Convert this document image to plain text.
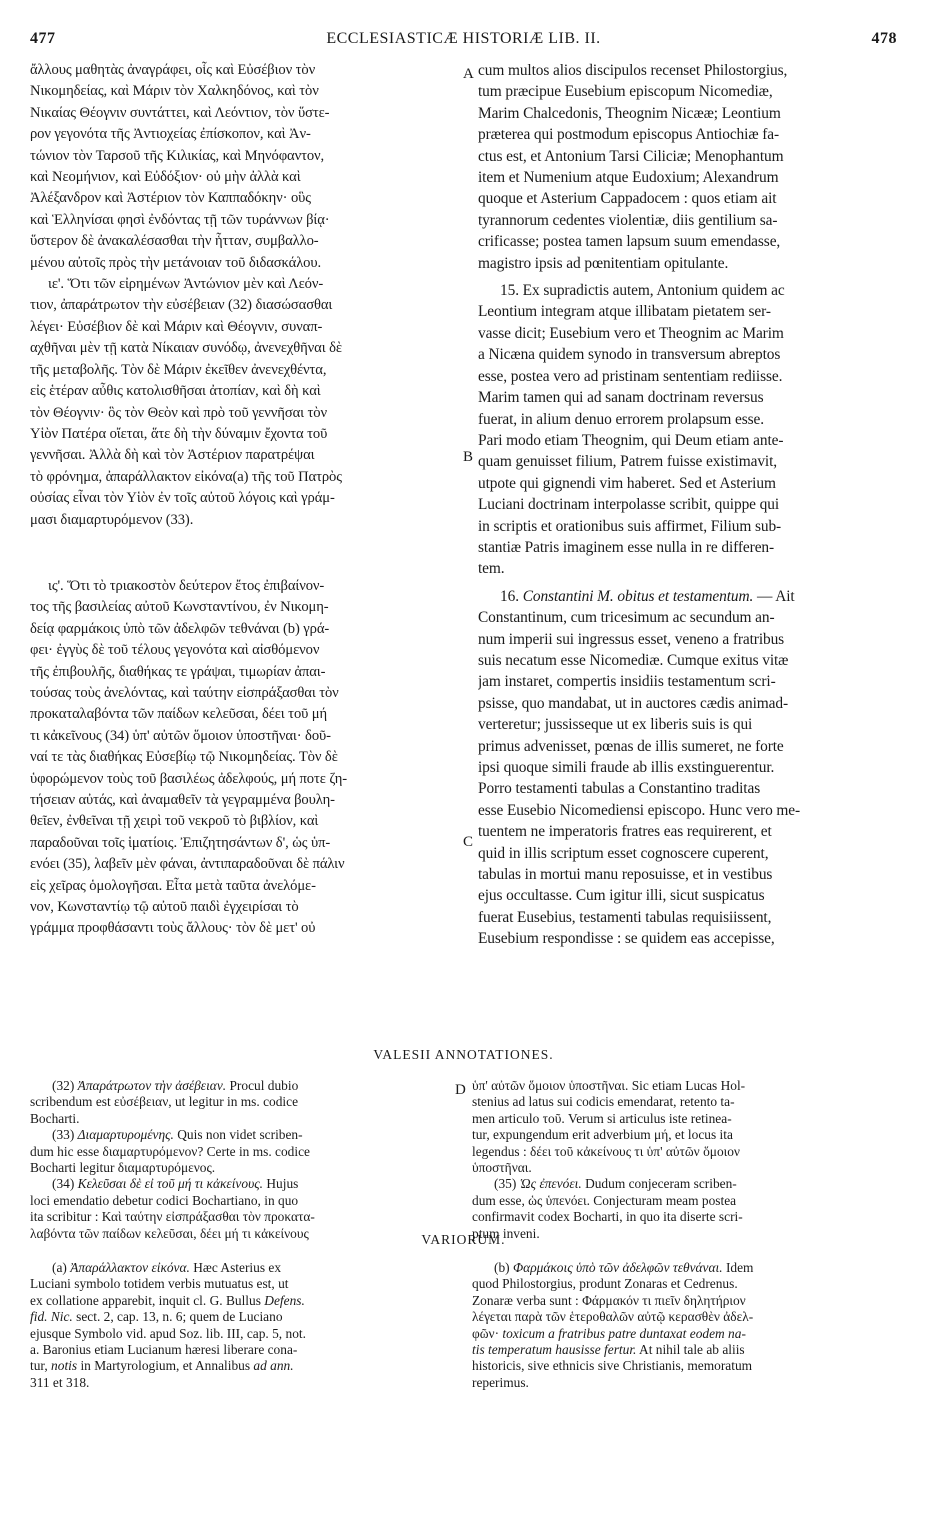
477	ECCLESIASTICÆ HISTORIÆ LIB. II.	478
ἄλλους μαθητὰς ἀναγράφει, οἷς καὶ Εὐσέβιον τὸν
Νικομηδείας, καὶ Μάριν τὸν Χαλκηδόνος, καὶ τὸν
Νικαίας Θέογνιν συντάττει, καὶ Λεόντιον, τὸν ὕστε-
ρον γεγονότα τῆς Ἀντιοχείας ἐπίσκοπον, καὶ Ἀν-
τώνιον τὸν Ταρσοῦ τῆς Κιλικίας, καὶ Μηνόφαντον,
καὶ Νεομήνιον, καὶ Εὐδόξιον· οὐ μὴν ἀλλὰ καὶ
Ἀλέξανδρον καὶ Ἀστέριον τὸν Καππαδόκην· οὓς
καὶ Ἑλληνίσαι φησὶ ἐνδόντας τῇ τῶν τυράννων βίᾳ·
ὕστερον δὲ ἀνακαλέσασθαι τὴν ἧτταν, συμβαλλο-
μένου αὐτοῖς πρὸς τὴν μετάνοιαν τοῦ διδασκάλου.
ιε'. Ὅτι τῶν εἰρημένων Ἀντώνιον μὲν καὶ Λεόν-
τιον, ἀπαράτρωτον τὴν εὐσέβειαν (32) διασώσασθαι
λέγει· Εὐσέβιον δὲ καὶ Μάριν καὶ Θέογνιν, συναπ-
αχθῆναι μὲν τῇ κατὰ Νίκαιαν συνόδῳ, ἀνενεχθῆναι δὲ
τῆς μεταβολῆς. Τὸν δὲ Μάριν ἐκεῖθεν ἀνενεχθέντα,
εἰς ἑτέραν αὖθις κατολισθῆσαι ἀτοπίαν, καὶ δὴ καὶ
τὸν Θέογνιν· ὃς τὸν Θεὸν καὶ πρὸ τοῦ γεννῆσαι τὸν
Υἱὸν Πατέρα οἴεται, ἅτε δὴ τὴν δύναμιν ἔχοντα τοῦ
γεννῆσαι. Ἀλλὰ δὴ καὶ τὸν Ἀστέριον παρατρέψαι
τὸ φρόνημα, ἀπαράλλακτον εἰκόνα(a) τῆς τοῦ Πατρὸς
οὐσίας εἶναι τὸν Υἱὸν ἐν τοῖς αὐτοῦ λόγοις καὶ γράμ-
μασι διαμαρτυρόμενον (33).
ις'. Ὅτι τὸ τριακοστὸν δεύτερον ἔτος ἐπιβαίνον-
τος τῆς βασιλείας αὐτοῦ Κωνσταντίνου, ἐν Νικομη-
δείᾳ φαρμάκοις ὑπὸ τῶν ἀδελφῶν τεθνάναι (b) γρά-
φει· ἐγγὺς δὲ τοῦ τέλους γεγονότα καὶ αἰσθόμενον
τῆς ἐπιβουλῆς, διαθήκας τε γράψαι, τιμωρίαν ἀπαι-
τούσας τοὺς ἀνελόντας, καὶ ταύτην εἰσπράξασθαι τὸν
προκαταλαβόντα τῶν παίδων κελεῦσαι, δέει τοῦ μή
τι κἀκεῖνους (34) ὑπ' αὐτῶν ὅμοιον ὑποστῆναι· δοῦ-
ναί τε τὰς διαθήκας Εὐσεβίῳ τῷ Νικομηδείας. Τὸν δὲ
ὑφορώμενον τοὺς τοῦ βασιλέως ἀδελφούς, μή ποτε ζη-
τήσειαν αὐτάς, καὶ ἀναμαθεῖν τὰ γεγραμμένα βουλη-
θεῖεν, ἐνθεῖναι τῇ χειρὶ τοῦ νεκροῦ τὸ βιβλίον, καὶ
παραδοῦναι τοῖς ἱματίοις. Ἐπιζητησάντων δ', ὡς ὑπ-
ενόει (35), λαβεῖν μὲν φάναι, ἀντιπαραδοῦναι δὲ πάλιν
εἰς χεῖρας ὁμολογῆσαι. Εἶτα μετὰ ταῦτα ἀνελόμε-
νον, Κωνσταντίῳ τῷ αὐτοῦ παιδὶ ἐγχειρίσαι τὸ
γράμμα προφθάσαντι τοὺς ἄλλους· τὸν δὲ μετ' οὐ
cum multos alios discipulos recenset Philostorgius,
tum præcipue Eusebium episcopum Nicomediæ,
Marim Chalcedonis, Theognim Nicææ; Leontium
præterea qui postmodum episcopus Antiochiæ fa-
ctus est, et Antonium Tarsi Ciliciæ; Menophantum
item et Numenium atque Eudoxium; Alexandrum
quoque et Asterium Cappadocem : quos etiam ait
tyrannorum cedentes violentiæ, diis gentilium sa-
crificasse; postea tamen lapsum suum emendasse,
magistro ipsis ad pœnitentiam opitulante.
15. Ex supradictis autem, Antonium quidem ac
Leontium integram atque illibatam pietatem ser-
vasse dicit; Eusebium vero et Theognim ac Marim
a Nicæna quidem synodo in transversum abreptos
esse, postea vero ad pristinam sententiam rediisse.
Marim tamen qui ad sanam doctrinam reversus
fuerat, in alium denuo errorem prolapsum esse.
Pari modo etiam Theognim, qui Deum etiam ante-
quam genuisset filium, Patrem fuisse existimavit,
utpote qui gignendi vim haberet. Sed et Asterium
Luciani doctrinam interpolasse scribit, quippe qui
in scriptis et orationibus suis affirmet, Filium sub-
stantiæ Patris imaginem esse nulla in re differen-
tem.
16. Constantini M. obitus et testamentum. — Ait
Constantinum, cum tricesimum ac secundum an-
num imperii sui ingressus esset, veneno a fratribus
suis necatum esse Nicomediæ. Cumque exitus vitæ
jam instaret, compertis insidiis testamentum scri-
psisse, quo mandabat, ut in auctores cædis animad-
verteretur; jussisseque ut ex liberis suis is qui
primus advenisset, pœnas de illis sumeret, ne forte
ipsi quoque simili fraude ab illis exstinguerentur.
Porro testamenti tabulas a Constantino traditas
esse Eusebio Nicomediensi episcopo. Hunc vero me-
tuentem ne imperatoris fratres eas requirerent, et
quid in illis scriptum esset cognoscere cuperent,
tabulas in mortui manu reposuisse, et in vestibus
ejus occultasse. Cum igitur illi, sicut suspicatus
fuerat Eusebius, testamenti tabulas requisiissent,
Eusebium respondisse : se quidem eas accepisse,
A
B
C
D
VALESII ANNOTATIONES.
(32) Ἀπαράτρωτον τὴν ἀσέβειαν. Procul dubio
scribendum est εὐσέβειαν, ut legitur in ms. codice
Bocharti.
(33) Διαμαρτυρομένης. Quis non videt scriben-
dum hic esse διαμαρτυρόμενον? Certe in ms. codice
Bocharti legitur διαμαρτυρόμενος.
(34) Κελεῦσαι δὲ εἰ τοῦ μή τι κἀκείνους. Hujus
loci emendatio debetur codici Bochartiano, in quo
ita scribitur : Καὶ ταύτην εἰσπράξασθαι τὸν προκατα-
λαβόντα τῶν παίδων κελεῦσαι, δέει μή τι κἀκείνους
ὑπ' αὐτῶν ὅμοιον ὑποστῆναι. Sic etiam Lucas Hol-
stenius ad latus sui codicis emendarat, retento ta-
men articulo τοῦ. Verum si articulus iste retinea-
tur, expungendum erit adverbium μή, et locus ita
legendus : δέει τοῦ κἀκείνους τι ὑπ' αὐτῶν ὅμοιον
ὑποστῆναι.
(35) Ὡς ἐπενόει. Dudum conjeceram scriben-
dum esse, ὡς ὑπενόει. Conjecturam meam postea
confirmavit codex Bocharti, in quo ita diserte scri-
ptum inveni.
VARIORUM.
(a) Ἀπαράλλακτον εἰκόνα. Hæc Asterius ex
Luciani symbolo totidem verbis mutuatus est, ut
ex collatione apparebit, inquit cl. G. Bullus Defens.
fid. Nic. sect. 2, cap. 13, n. 6; quem de Luciano
ejusque Symbolo vid. apud Soz. lib. III, cap. 5, not.
a. Baronius etiam Lucianum hæresi liberare cona-
tur, notis in Martyrologium, et Annalibus ad ann.
311 et 318.
(b) Φαρμάκοις ὑπὸ τῶν ἀδελφῶν τεθνάναι. Idem
quod Philostorgius, produnt Zonaras et Cedrenus.
Zonaræ verba sunt : Φάρμακόν τι πιεῖν δηλητήριον
λέγεται παρὰ τῶν ἑτεροθαλῶν αὐτῷ κερασθὲν ἀδελ-
φῶν· toxicum a fratribus patre duntaxat eodem na-
tis temperatum hausisse fertur. At nihil tale ab aliis
historicis, sive ethnicis sive Christianis, memoratum
reperimus.
